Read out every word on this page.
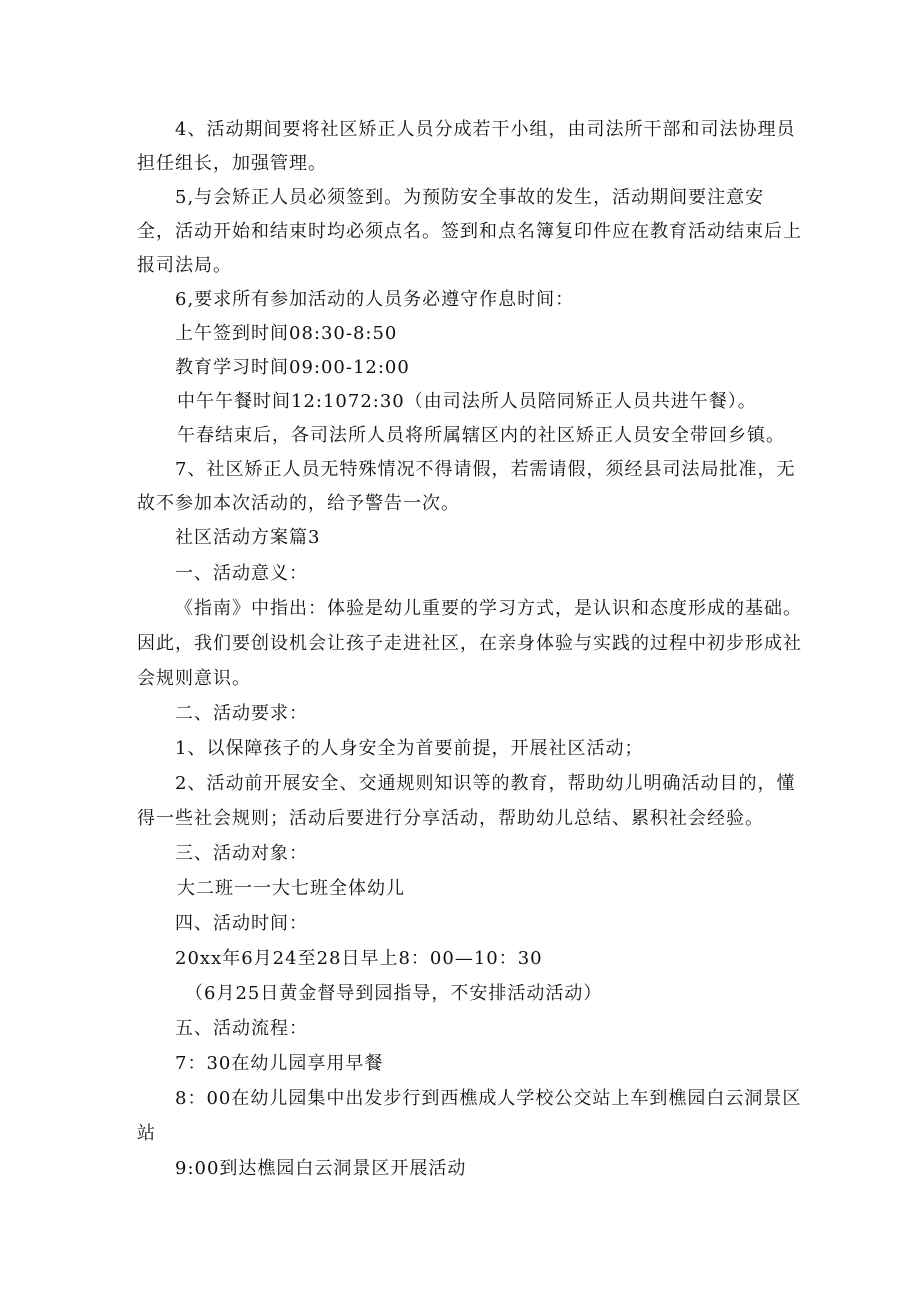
4、活动期间要将社区矫正人员分成若干小组，由司法所干部和司法协理员
担任组长，加强管理。
5,与会矫正人员必须签到。为预防安全事故的发生，活动期间要注意安
全，活动开始和结束时均必须点名。签到和点名簿复印件应在教育活动结束后上
报司法局。
6,要求所有参加活动的人员务必遵守作息时间：
上午签到时间08:30-8:50
教育学习时间09:00-12:00
中午午餐时间12:1072:30（由司法所人员陪同矫正人员共进午餐）。
午春结束后，各司法所人员将所属辖区内的社区矫正人员安全带回乡镇。
7、社区矫正人员无特殊情况不得请假，若需请假，须经县司法局批准，无
故不参加本次活动的，给予警告一次。
社区活动方案篇3
一、活动意义：
《指南》中指出：体验是幼儿重要的学习方式，是认识和态度形成的基础。
因此，我们要创设机会让孩子走进社区，在亲身体验与实践的过程中初步形成社
会规则意识。
二、活动要求：
1、以保障孩子的人身安全为首要前提，开展社区活动；
2、活动前开展安全、交通规则知识等的教育，帮助幼儿明确活动目的，懂
得一些社会规则；活动后要进行分享活动，帮助幼儿总结、累积社会经验。
三、活动对象：
大二班一一大七班全体幼儿
四、活动时间：
20xx年6月24至28日早上8：00—10：30
（6月25日黄金督导到园指导，不安排活动活动）
五、活动流程：
7：30在幼儿园享用早餐
8：00在幼儿园集中出发步行到西樵成人学校公交站上车到樵园白云洞景区
站
9:00到达樵园白云洞景区开展活动
